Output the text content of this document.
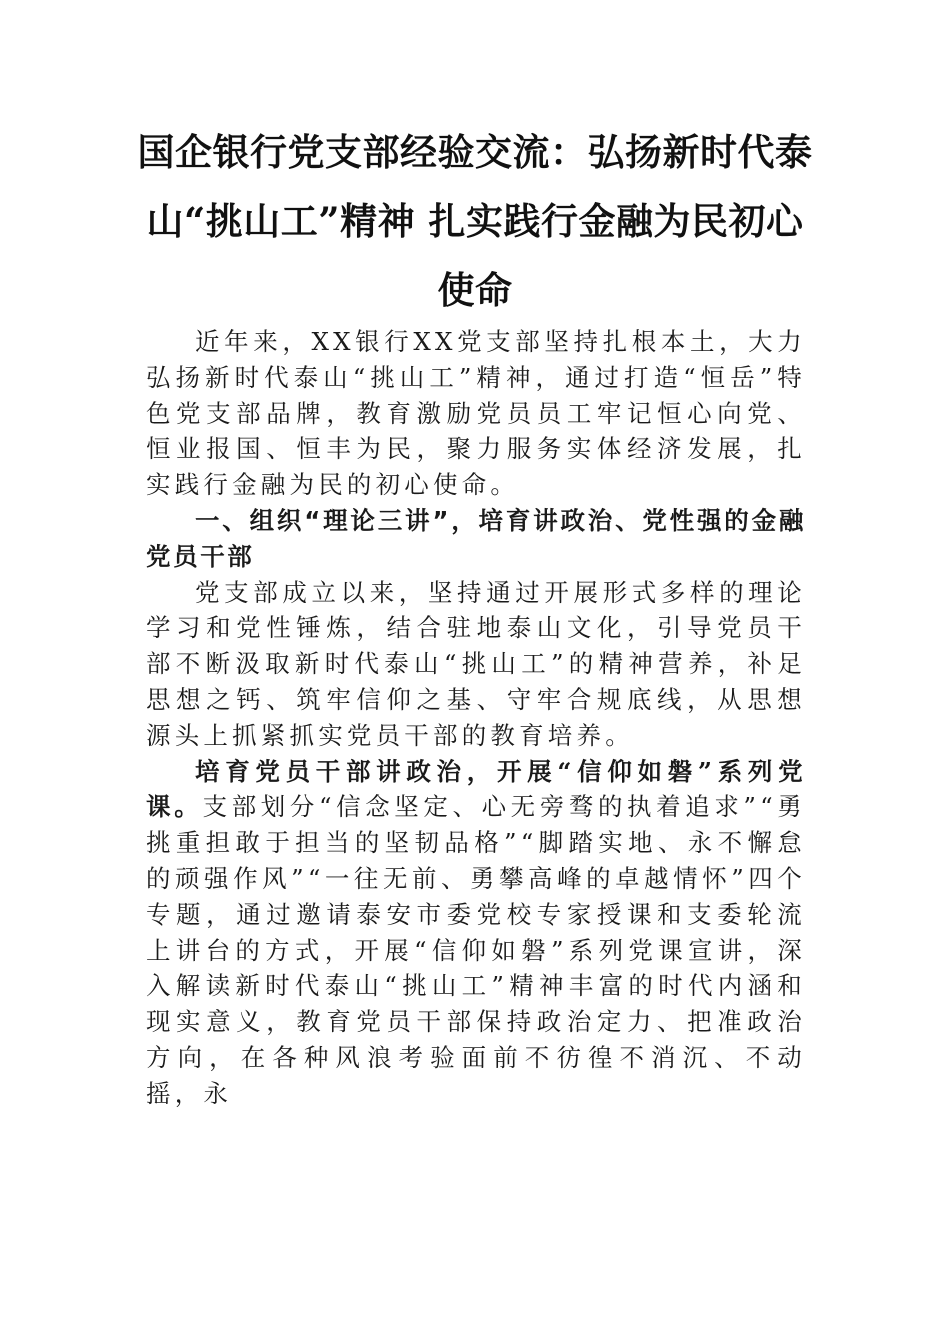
国企银行党支部经验交流：弘扬新时代泰山“挑山工”精神 扎实践行金融为民初心使命

近年来，XX银行XX党支部坚持扎根本土，大力弘扬新时代泰山“挑山工”精神，通过打造“恒岳”特色党支部品牌，教育激励党员员工牢记恒心向党、恒业报国、恒丰为民，聚力服务实体经济发展，扎实践行金融为民的初心使命。

一、组织“理论三讲”，培育讲政治、党性强的金融党员干部

党支部成立以来，坚持通过开展形式多样的理论学习和党性锤炼，结合驻地泰山文化，引导党员干部不断汲取新时代泰山“挑山工”的精神营养，补足思想之钙、筑牢信仰之基、守牢合规底线，从思想源头上抓紧抓实党员干部的教育培养。

培育党员干部讲政治，开展“信仰如磐”系列党课。支部划分“信念坚定、心无旁骛的执着追求”“勇挑重担敢于担当的坚韧品格”“脚踏实地、永不懈怠的顽强作风”“一往无前、勇攀高峰的卓越情怀”四个专题，通过邀请泰安市委党校专家授课和支委轮流上讲台的方式，开展“信仰如磐”系列党课宣讲，深入解读新时代泰山“挑山工”精神丰富的时代内涵和现实意义，教育党员干部保持政治定力、把准政治方向，在各种风浪考验面前不彷徨不消沉、不动摇，永
